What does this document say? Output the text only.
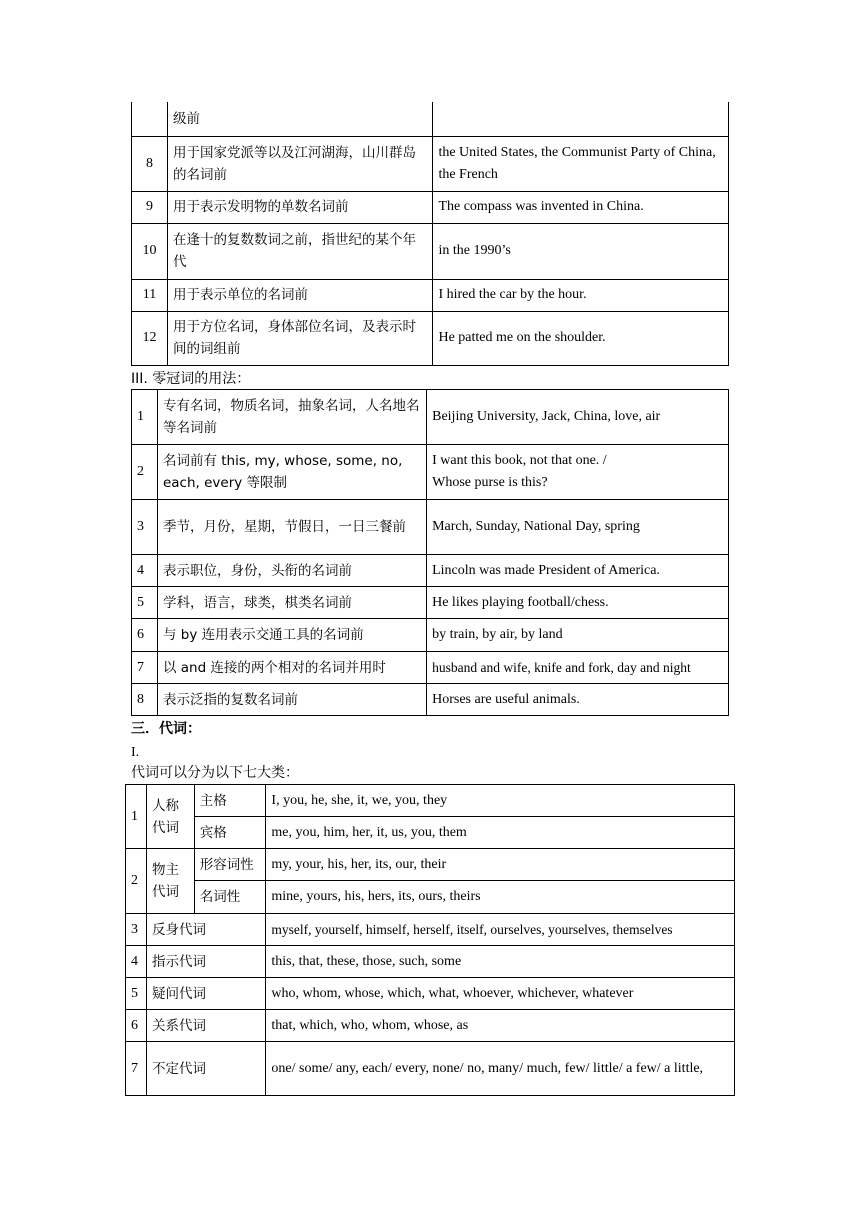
	级前	
8	用于国家党派等以及江河湖海，山川群岛的名词前	the United States, the Communist Party of China, the French
9	用于表示发明物的单数名词前	The compass was invented in China.
10	在逢十的复数数词之前，指世纪的某个年代	in the 1990’s
11	用于表示单位的名词前	I hired the car by the hour.
12	用于方位名词，身体部位名词，及表示时间的词组前	He patted me on the shoulder.
III. 零冠词的用法：
1	专有名词，物质名词，抽象名词，人名地名等名词前	Beijing University, Jack, China, love, air
2	名词前有 this, my, whose, some, no, each, every 等限制	I want this book, not that one. /
Whose purse is this?

3	季节，月份，星期，节假日，一日三餐前	March, Sunday, National Day, spring
4	表示职位，身份，头衔的名词前	Lincoln was made President of America.
5	学科，语言，球类，棋类名词前	He likes playing football/chess.
6	与 by 连用表示交通工具的名词前	by train, by air, by land
7	以 and 连接的两个相对的名词并用时	husband and wife, knife and fork, day and night
8	表示泛指的复数名词前	Horses are useful animals.
三．代词：
I.
代词可以分为以下七大类：
1	人称代词	主格	I, you, he, she, it, we, you, they
		宾格	me, you, him, her, it, us, you, them
2	物主代词	形容词性	my, your, his, her, its, our, their
		名词性	mine, yours, his, hers, its, ours, theirs
3	反身代词		myself, yourself, himself, herself, itself, ourselves, yourselves, themselves
4	指示代词		this, that, these, those, such, some
5	疑问代词		who, whom, whose, which, what, whoever, whichever, whatever
6	关系代词		that, which, who, whom, whose, as
7	不定代词		one/ some/ any, each/ every, none/ no, many/ much, few/ little/ a few/ a little,
